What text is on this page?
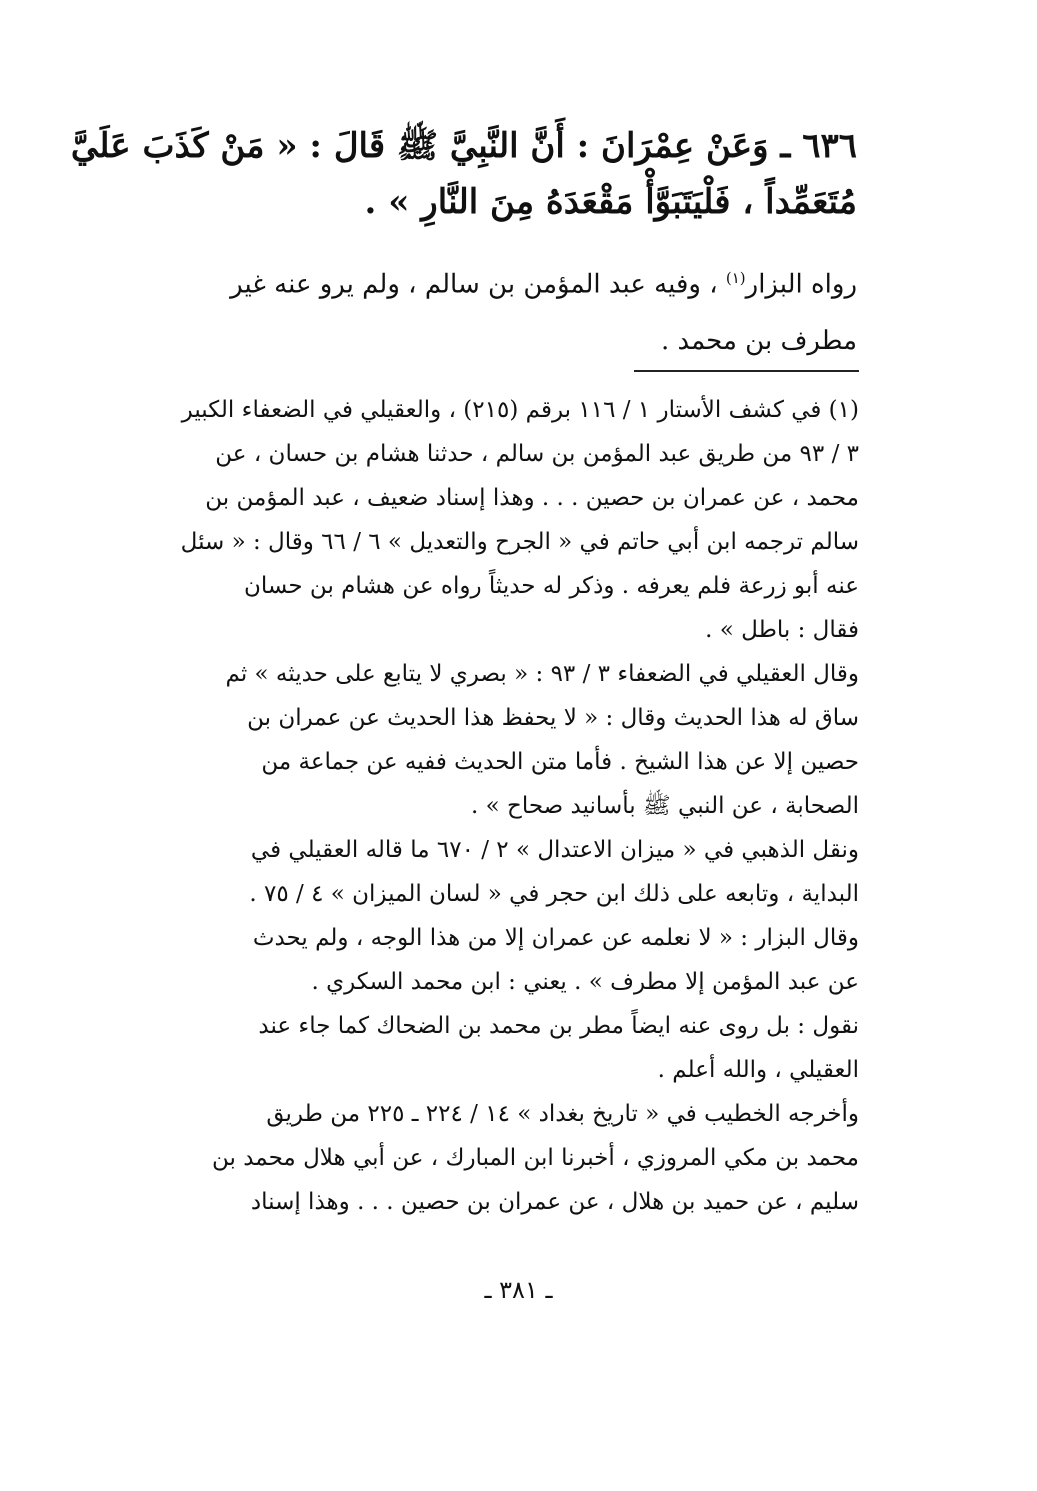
٦٣٦ ـ وَعَنْ عِمْرَانَ : أَنَّ النَّبِيَّ ﷺ قَالَ : « مَنْ كَذَبَ عَلَيَّ
مُتَعَمِّداً ، فَلْيَتَبَوَّأْ مَقْعَدَهُ مِنَ النَّارِ » .
رواه البزار$^{(١)}$ ، وفيه عبد المؤمن بن سالم ، ولم يرو عنه غير
مطرف بن محمد .
(١) في كشف الأستار ١ / ١١٦ برقم (٢١٥) ، والعقيلي في الضعفاء الكبير
٣ / ٩٣ من طريق عبد المؤمن بن سالم ، حدثنا هشام بن حسان ، عن
محمد ، عن عمران بن حصين . . . وهذا إسناد ضعيف ، عبد المؤمن بن
سالم ترجمه ابن أبي حاتم في « الجرح والتعديل » ٦ / ٦٦ وقال : « سئل
عنه أبو زرعة فلم يعرفه . وذكر له حديثاً رواه عن هشام بن حسان
فقال : باطل » .
وقال العقيلي في الضعفاء ٣ / ٩٣ : « بصري لا يتابع على حديثه » ثم
ساق له هذا الحديث وقال : « لا يحفظ هذا الحديث عن عمران بن
حصين إلا عن هذا الشيخ . فأما متن الحديث ففيه عن جماعة من
الصحابة ، عن النبي ﷺ بأسانيد صحاح » .
ونقل الذهبي في « ميزان الاعتدال » ٢ / ٦٧٠ ما قاله العقيلي في
البداية ، وتابعه على ذلك ابن حجر في « لسان الميزان » ٤ / ٧٥ .
وقال البزار : « لا نعلمه عن عمران إلا من هذا الوجه ، ولم يحدث
عن عبد المؤمن إلا مطرف » . يعني : ابن محمد السكري .
نقول : بل روى عنه ايضاً مطر بن محمد بن الضحاك كما جاء عند
العقيلي ، والله أعلم .
وأخرجه الخطيب في « تاريخ بغداد » ١٤ / ٢٢٤ ـ ٢٢٥ من طريق
محمد بن مكي المروزي ، أخبرنا ابن المبارك ، عن أبي هلال محمد بن
سليم ، عن حميد بن هلال ، عن عمران بن حصين . . . وهذا إسناد
ـ ٣٨١ ـ
